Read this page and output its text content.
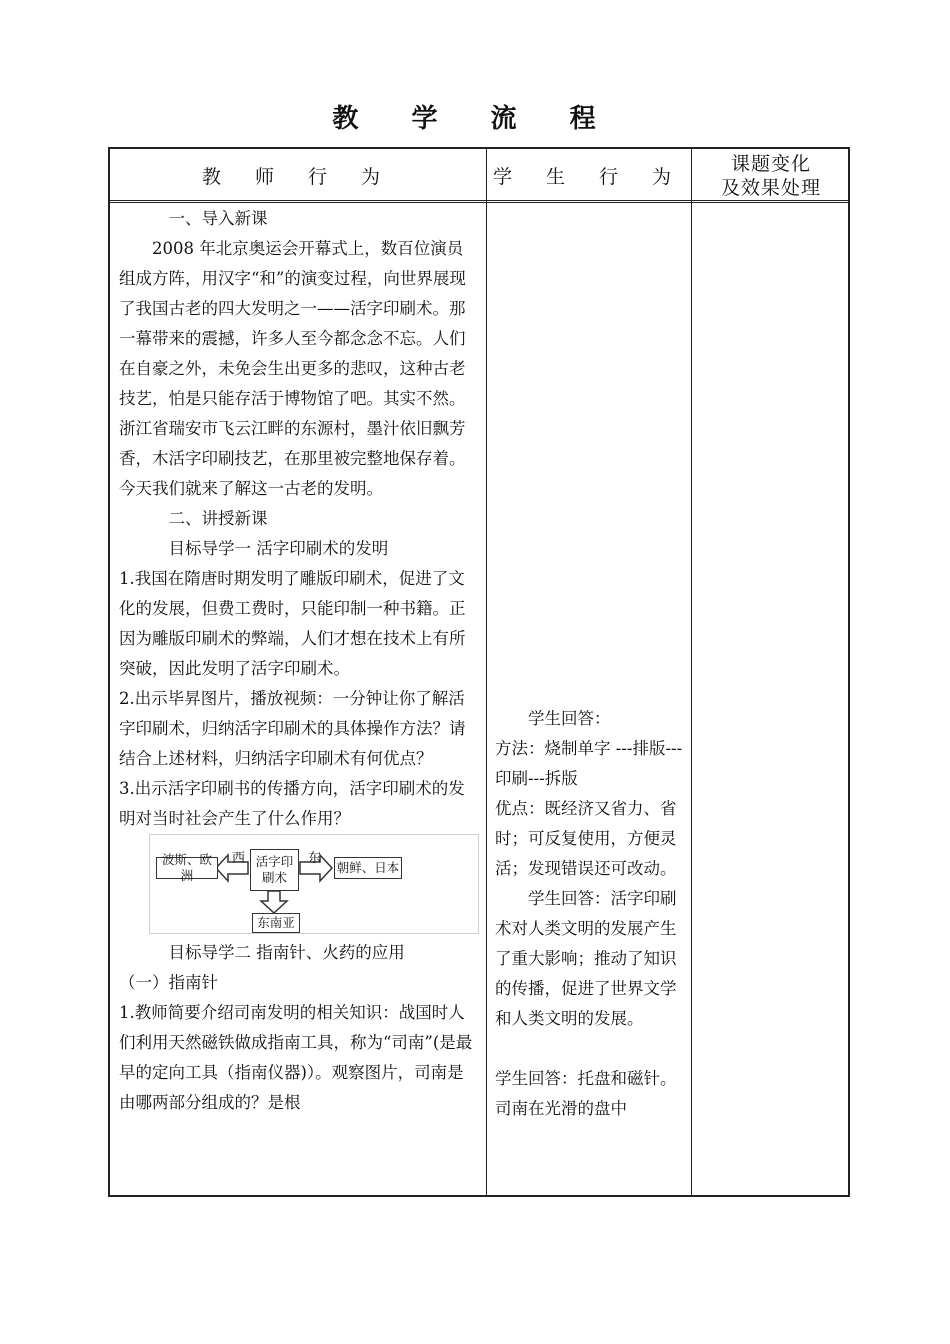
教 学 流 程
教 师 行 为	学 生 行 为
课题变化
及效果处理

一、导入新课

2008 年北京奥运会开幕式上，数百位演员组成方阵，用汉字“和”的演变过程，向世界展现了我国古老的四大发明之一——活字印刷术。那一幕带来的震撼，许多人至今都念念不忘。人们在自豪之外，未免会生出更多的悲叹，这种古老技艺，怕是只能存活于博物馆了吧。其实不然。浙江省瑞安市飞云江畔的东源村，墨汁依旧飘芳香，木活字印刷技艺，在那里被完整地保存着。今天我们就来了解这一古老的发明。

二、讲授新课

目标导学一 活字印刷术的发明

1.我国在隋唐时期发明了雕版印刷术，促进了文化的发展，但费工费时，只能印制一种书籍。正因为雕版印刷术的弊端，人们才想在技术上有所突破，因此发明了活字印刷术。

2.出示毕昇图片，播放视频：一分钟让你了解活字印刷术，归纳活字印刷术的具体操作方法？请结合上述材料，归纳活字印刷术有何优点？

3.出示活字印刷书的传播方向，活字印刷术的发明对当时社会产生了什么作用？

活字印刷术
波斯、欧洲
朝鲜、日本
东南亚
西	东

目标导学二 指南针、火药的应用

（一）指南针

1.教师简要介绍司南发明的相关知识：战国时人们利用天然磁铁做成指南工具，称为“司南”(是最早的定向工具（指南仪器)）。观察图片，司南是由哪两部分组成的？是根

学生回答：

方法：烧制单字 ---排版---印刷---拆版

优点：既经济又省力、省时；可反复使用，方便灵活；发现错误还可改动。

学生回答：活字印刷术对人类文明的发展产生了重大影响；推动了知识的传播，促进了世界文学和人类文明的发展。

学生回答：托盘和磁针。司南在光滑的盘中
